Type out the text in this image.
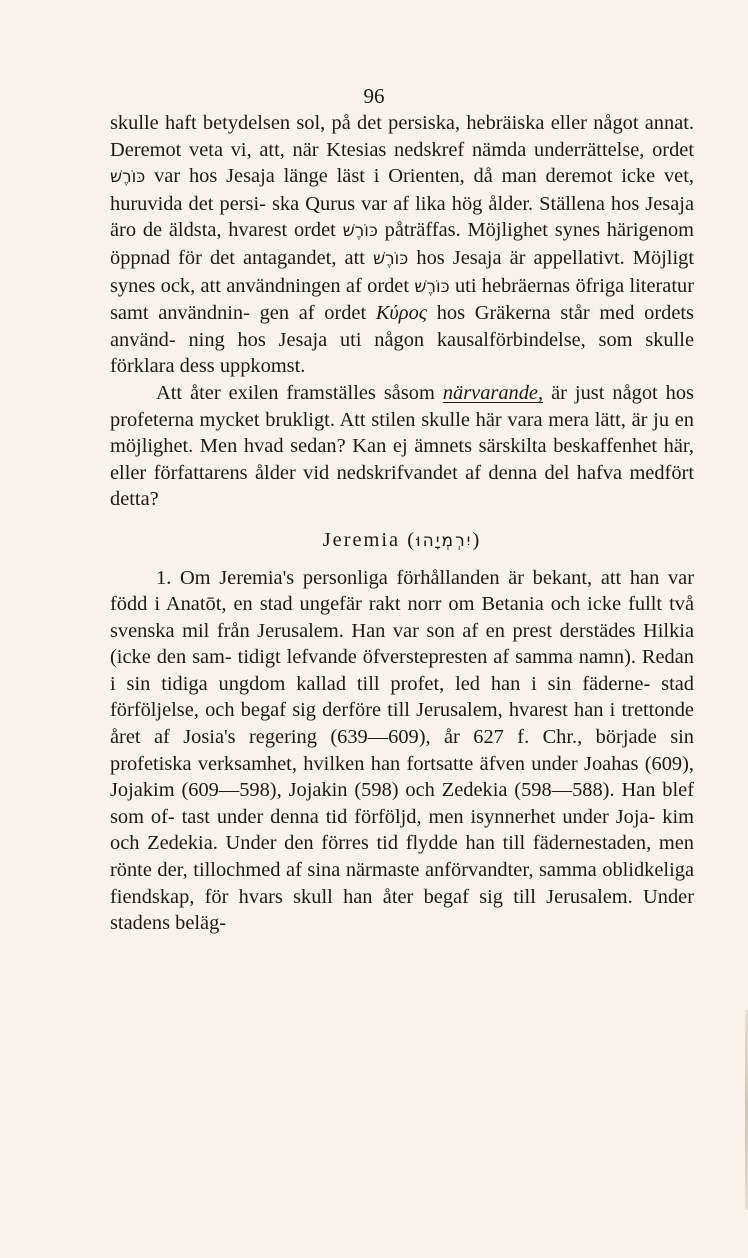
96

skulle haft betydelsen sol, på det persiska, hebräiska eller något annat. Deremot veta vi, att, när Ktesias nedskref nämda underrättelse, ordet כּוֹרֶשׁ var hos Jesaja länge läst i Orienten, då man deremot icke vet, huruvida det persi- ska Qurus var af lika hög ålder. Ställena hos Jesaja äro de äldsta, hvarest ordet כּוֹרֶשׁ påträffas. Möjlighet synes härigenom öppnad för det antagandet, att כּוֹרֶשׁ hos Jesaja är appellativt. Möjligt synes ock, att användningen af ordet כּוֹרֶשׁ uti hebräernas öfriga literatur samt användnin- gen af ordet Κύρος hos Gräkerna står med ordets använd- ning hos Jesaja uti någon kausalförbindelse, som skulle förklara dess uppkomst.

Att åter exilen framställes såsom närvarande, är just något hos profeterna mycket brukligt. Att stilen skulle här vara mera lätt, är ju en möjlighet. Men hvad sedan? Kan ej ämnets särskilta beskaffenhet här, eller författarens ålder vid nedskrifvandet af denna del hafva medfört detta?

Jeremia (יִרְמְיָהוּ)

1. Om Jeremia's personliga förhållanden är bekant, att han var född i Anatōt, en stad ungefär rakt norr om Betania och icke fullt två svenska mil från Jerusalem. Han var son af en prest derstädes Hilkia (icke den sam- tidigt lefvande öfverstepresten af samma namn). Redan i sin tidiga ungdom kallad till profet, led han i sin fäderne- stad förföljelse, och begaf sig derföre till Jerusalem, hvarest han i trettonde året af Josia's regering (639—609), år 627 f. Chr., började sin profetiska verksamhet, hvilken han fortsatte äfven under Joahas (609), Jojakim (609—598), Jojakin (598) och Zedekia (598—588). Han blef som of- tast under denna tid förföljd, men isynnerhet under Joja- kim och Zedekia. Under den förres tid flydde han till fädernestaden, men rönte der, tillochmed af sina närmaste anförvandter, samma oblidkeliga fiendskap, för hvars skull han åter begaf sig till Jerusalem. Under stadens beläg-
